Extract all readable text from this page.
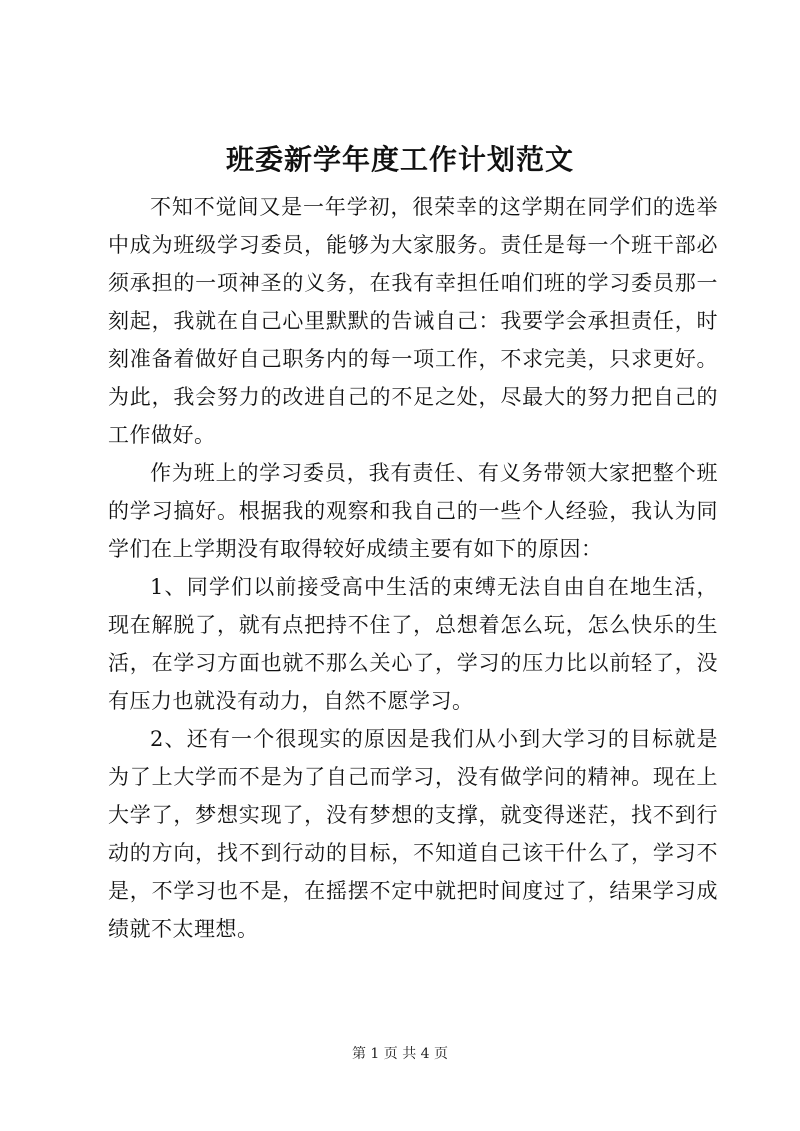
班委新学年度工作计划范文

不知不觉间又是一年学初，很荣幸的这学期在同学们的选举中成为班级学习委员，能够为大家服务。责任是每一个班干部必须承担的一项神圣的义务，在我有幸担任咱们班的学习委员那一刻起，我就在自己心里默默的告诫自己：我要学会承担责任，时刻准备着做好自己职务内的每一项工作，不求完美，只求更好。为此，我会努力的改进自己的不足之处，尽最大的努力把自己的工作做好。

作为班上的学习委员，我有责任、有义务带领大家把整个班的学习搞好。根据我的观察和我自己的一些个人经验，我认为同学们在上学期没有取得较好成绩主要有如下的原因：

1、同学们以前接受高中生活的束缚无法自由自在地生活，现在解脱了，就有点把持不住了，总想着怎么玩，怎么快乐的生活，在学习方面也就不那么关心了，学习的压力比以前轻了，没有压力也就没有动力，自然不愿学习。

2、还有一个很现实的原因是我们从小到大学习的目标就是为了上大学而不是为了自己而学习，没有做学问的精神。现在上大学了，梦想实现了，没有梦想的支撑，就变得迷茫，找不到行动的方向，找不到行动的目标，不知道自己该干什么了，学习不是，不学习也不是，在摇摆不定中就把时间度过了，结果学习成绩就不太理想。

第 1 页 共 4 页
